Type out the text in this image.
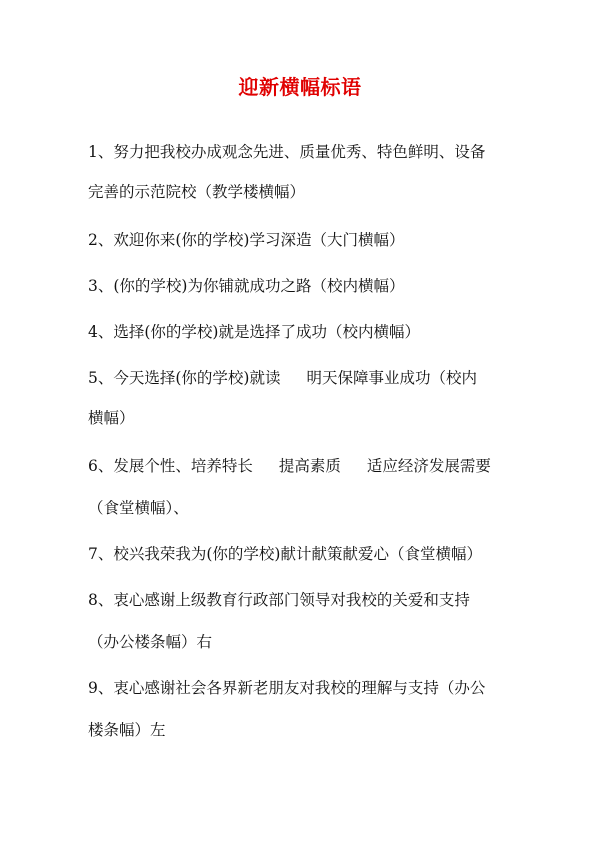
迎新横幅标语
1、努力把我校办成观念先进、质量优秀、特色鲜明、设备
完善的示范院校（教学楼横幅）
2、欢迎你来(你的学校)学习深造（大门横幅）
3、(你的学校)为你铺就成功之路（校内横幅）
4、选择(你的学校)就是选择了成功（校内横幅）
5、今天选择(你的学校)就读 明天保障事业成功（校内
横幅）
6、发展个性、培养特长 提高素质 适应经济发展需要
（食堂横幅）、
7、校兴我荣我为(你的学校)献计献策献爱心（食堂横幅）
8、衷心感谢上级教育行政部门领导对我校的关爱和支持
（办公楼条幅）右
9、衷心感谢社会各界新老朋友对我校的理解与支持（办公
楼条幅）左
